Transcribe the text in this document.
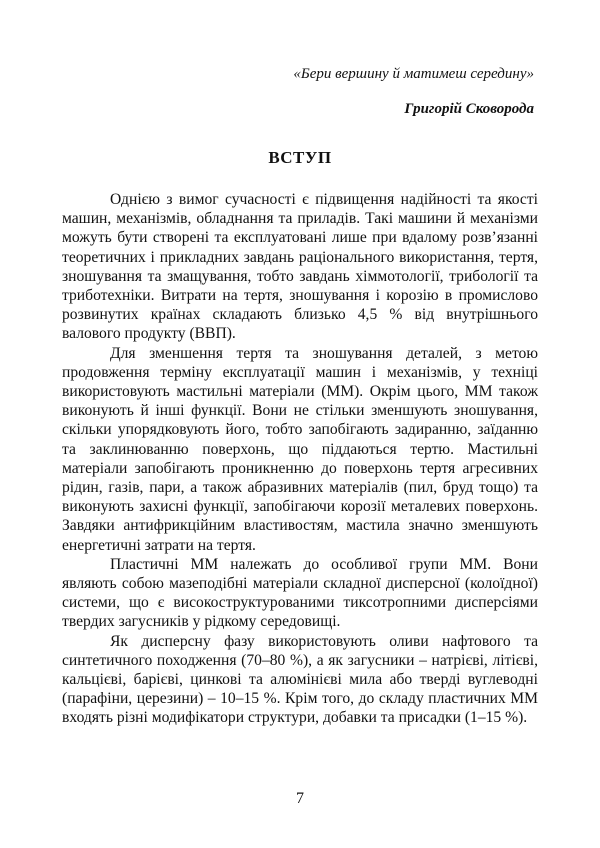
«Бери вершину й матимеш середину»
Григорій Сковорода
ВСТУП

Однією з вимог сучасності є підвищення надійності та якості машин, механізмів, обладнання та приладів. Такі машини й механізми можуть бути створені та експлуатовані лише при вдалому розв’язанні теоретичних і прикладних завдань раціонального використання, тертя, зношування та змащування, тобто завдань хіммотології, трибології та триботехніки. Витрати на тертя, зношування і корозію в промислово розвинутих країнах складають близько 4,5 % від внутрішнього валового продукту (ВВП).

Для зменшення тертя та зношування деталей, з метою продовження терміну експлуатації машин і механізмів, у техніці використовують мастильні матеріали (ММ). Окрім цього, ММ також виконують й інші функції. Вони не стільки зменшують зношування, скільки упорядковують його, тобто запобігають задиранню, заїданню та заклинюванню поверхонь, що піддаються тертю. Мастильні матеріали запобігають проникненню до поверхонь тертя агресивних рідин, газів, пари, а також абразивних матеріалів (пил, бруд тощо) та виконують захисні функції, запобігаючи корозії металевих поверхонь. Завдяки антифрикційним властивостям, мастила значно зменшують енергетичні затрати на тертя.

Пластичні ММ належать до особливої групи ММ. Вони являють собою мазеподібні матеріали складної дисперсної (колоїдної) системи, що є високоструктурованими тиксотропними дисперсіями твердих загусників у рідкому середовищі.

Як дисперсну фазу використовують оливи нафтового та синтетичного походження (70–80 %), а як загусники – натрієві, літієві, кальцієві, барієві, цинкові та алюмінієві мила або тверді вуглеводні (парафіни, церезини) – 10–15 %. Крім того, до складу пластичних ММ входять різні модифікатори структури, добавки та присадки (1–15 %).

7
